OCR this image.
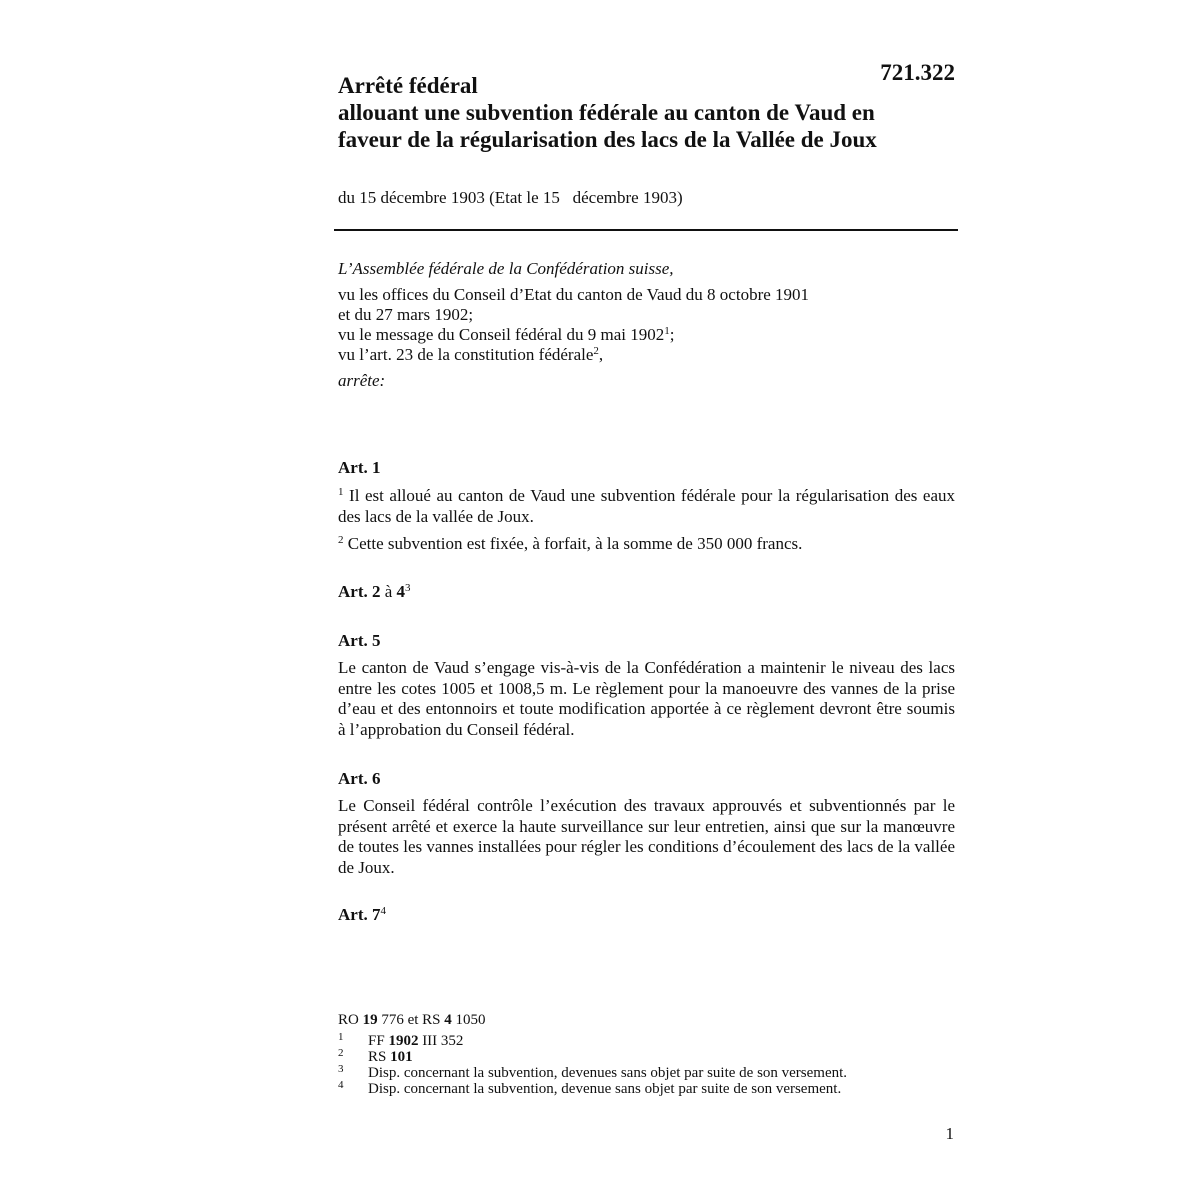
721.322
Arrêté fédéral
allouant une subvention fédérale au canton de Vaud en
faveur de la régularisation des lacs de la Vallée de Joux
du 15 décembre 1903 (Etat le 15   décembre 1903)
L’Assemblée fédérale de la Confédération suisse,
vu les offices du Conseil d’Etat du canton de Vaud du 8 octobre 1901
et du 27 mars 1902;
vu le message du Conseil fédéral du 9 mai 1902$^1$;
vu l’art. 23 de la constitution fédérale$^2$,
arrête:
Art. 1
$^1$ Il est alloué au canton de Vaud une subvention fédérale pour la régularisation des eaux des lacs de la vallée de Joux.
$^2$ Cette subvention est fixée, à forfait, à la somme de 350 000 francs.
Art. 2 à 4$^3$
Art. 5
Le canton de Vaud s’engage vis-à-vis de la Confédération a maintenir le niveau des lacs entre les cotes 1005 et 1008,5 m. Le règlement pour la manoeuvre des vannes de la prise d’eau et des entonnoirs et toute modification apportée à ce règlement devront être soumis à l’approbation du Conseil fédéral.
Art. 6
Le Conseil fédéral contrôle l’exécution des travaux approuvés et subventionnés par le présent arrêté et exerce la haute surveillance sur leur entretien, ainsi que sur la manœuvre de toutes les vannes installées pour régler les conditions d’écoulement des lacs de la vallée de Joux.
Art. 7$^4$
RO 19 776 et RS 4 1050
1	FF 1902 III 352
2	RS 101
3	Disp. concernant la subvention, devenues sans objet par suite de son versement.
4	Disp. concernant la subvention, devenue sans objet par suite de son versement.
1
